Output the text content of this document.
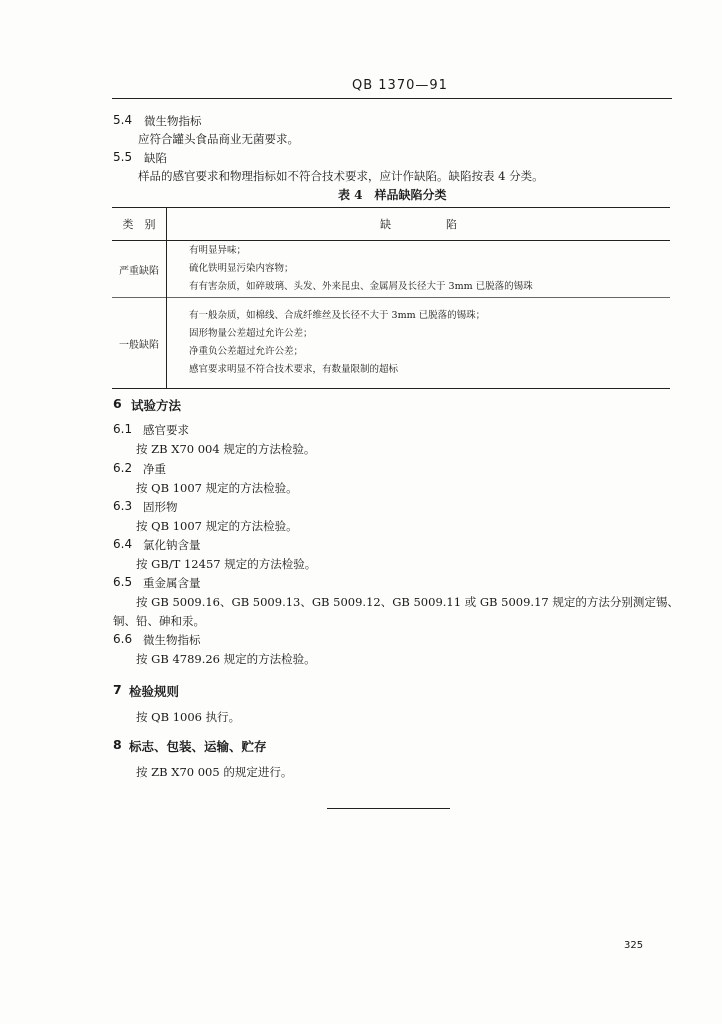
QB 1370—91
5.4 微生物指标
应符合罐头食品商业无菌要求。
5.5 缺陷
样品的感官要求和物理指标如不符合技术要求，应计作缺陷。缺陷按表 4 分类。
表 4　样品缺陷分类
类　别	缺　　　　　陷
严重缺陷	有明显异味；
硫化铁明显污染内容物；
有有害杂质，如碎玻璃、头发、外来昆虫、金属屑及长径大于 3mm 已脱落的锡珠

一般缺陷	有一般杂质，如棉线、合成纤维丝及长径不大于 3mm 已脱落的锡珠；
固形物量公差超过允许公差；
净重负公差超过允许公差；
感官要求明显不符合技术要求，有数量限制的超标
6 试验方法
6.1 感官要求
按 ZB X70 004 规定的方法检验。
6.2 净重
按 QB 1007 规定的方法检验。
6.3 固形物
按 QB 1007 规定的方法检验。
6.4 氯化钠含量
按 GB/T 12457 规定的方法检验。
6.5 重金属含量
按 GB 5009.16、GB 5009.13、GB 5009.12、GB 5009.11 或 GB 5009.17 规定的方法分别测定锡、
铜、铅、砷和汞。
6.6 微生物指标
按 GB 4789.26 规定的方法检验。
7 检验规则
按 QB 1006 执行。
8 标志、包装、运输、贮存
按 ZB X70 005 的规定进行。
325
